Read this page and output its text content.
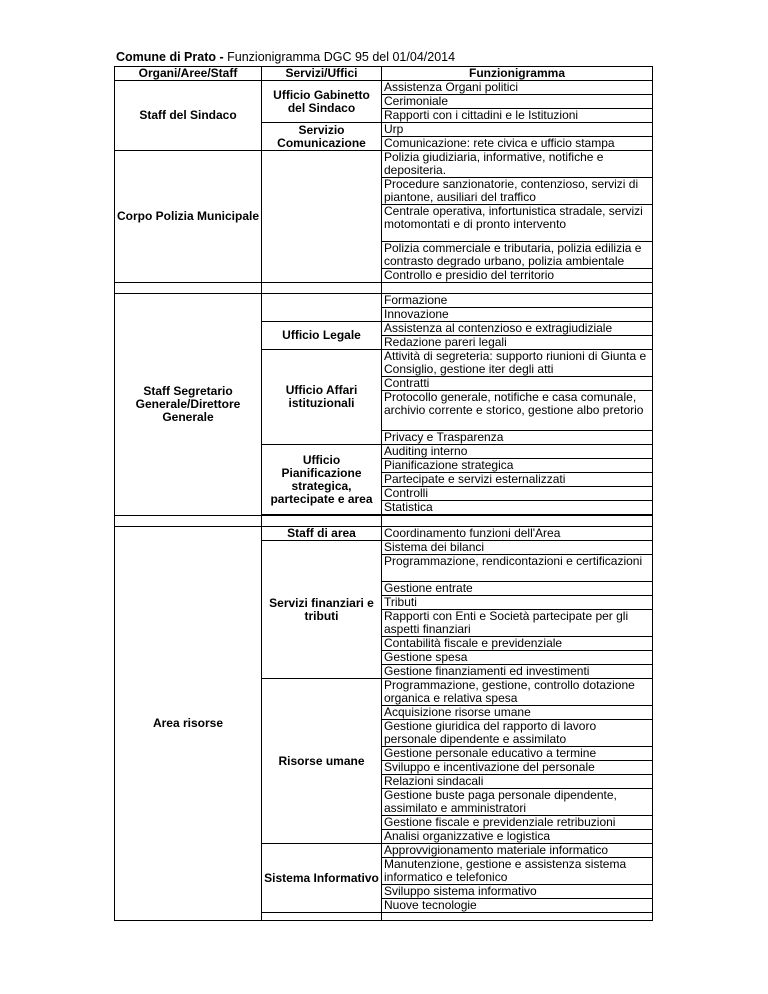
Comune di Prato - Funzionigramma DGC 95 del 01/04/2014
Organi/Aree/Staff	Servizi/Uffici	Funzionigramma
Staff del Sindaco	Ufficio Gabinetto del Sindaco	Assistenza Organi politici
		Cerimoniale
		Rapporti con i cittadini e le Istituzioni
	Servizio Comunicazione	Urp
		Comunicazione: rete civica e ufficio stampa
Corpo Polizia Municipale		Polizia giudiziaria, informative, notifiche e depositeria.
		Procedure sanzionatorie, contenzioso, servizi di piantone, ausiliari del traffico
		Centrale operativa, infortunistica stradale, servizi motomontati e di pronto intervento
		Polizia commerciale e tributaria, polizia edilizia e contrasto degrado urbano, polizia ambientale
		Controllo e presidio del territorio

Staff Segretario Generale/Direttore Generale		Formazione
		Innovazione
	Ufficio Legale	Assistenza al contenzioso e extragiudiziale
		Redazione pareri legali
	Ufficio Affari istituzionali	Attività di segreteria: supporto riunioni di Giunta e Consiglio, gestione iter degli atti
		Contratti
		Protocollo generale, notifiche e casa comunale, archivio corrente e storico, gestione albo pretorio
		Privacy e Trasparenza
	Ufficio Pianificazione strategica, partecipate e area	Auditing interno
		Pianificazione strategica
		Partecipate e servizi esternalizzati
		Controlli
		Statistica

Area risorse	Staff di area	Coordinamento funzioni dell'Area
	Servizi finanziari e tributi	Sistema dei bilanci
		Programmazione, rendicontazioni e certificazioni
		Gestione entrate
		Tributi
		Rapporti con Enti e Società partecipate per gli aspetti finanziari
		Contabilità fiscale e previdenziale
		Gestione spesa
		Gestione finanziamenti ed investimenti
	Risorse umane	Programmazione, gestione, controllo dotazione organica e relativa spesa
		Acquisizione risorse umane
		Gestione giuridica del rapporto di lavoro personale dipendente e assimilato
		Gestione personale educativo a termine
		Sviluppo e incentivazione del personale
		Relazioni sindacali
		Gestione buste paga personale dipendente, assimilato e amministratori
		Gestione fiscale e previdenziale retribuzioni
		Analisi organizzative e logistica
	Sistema Informativo	Approvvigionamento materiale informatico
		Manutenzione, gestione e assistenza sistema informatico e telefonico
		Sviluppo sistema informativo
		Nuove tecnologie
